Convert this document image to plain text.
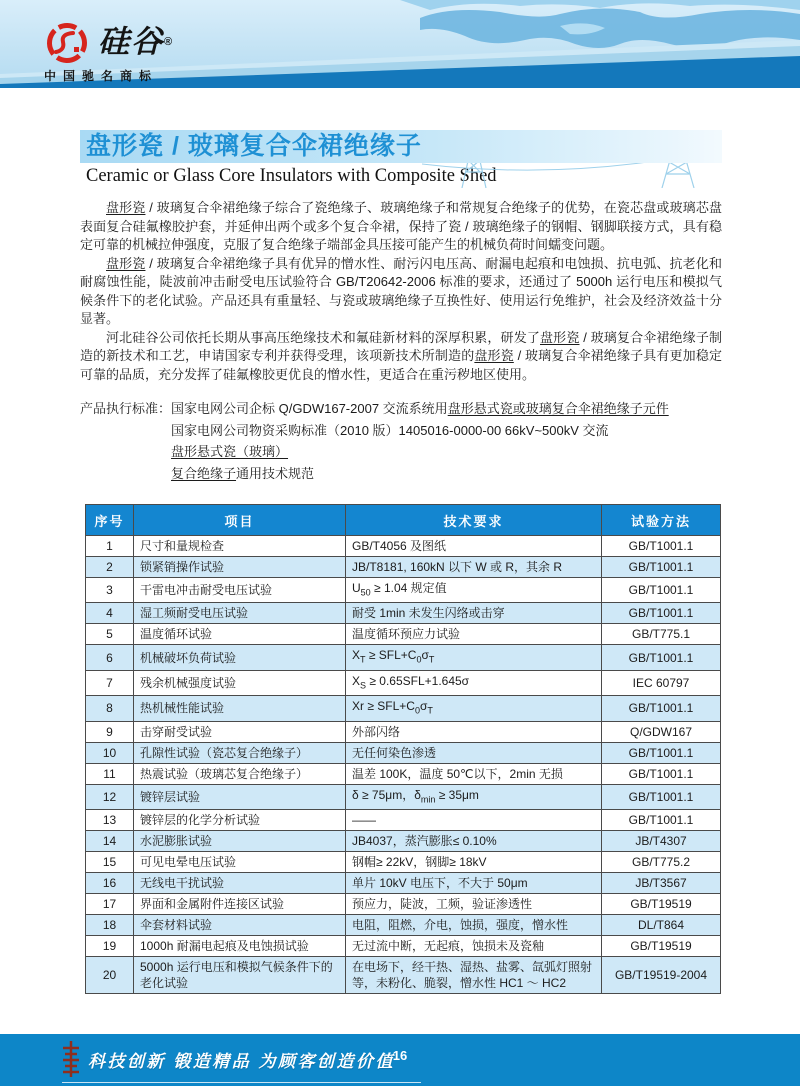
硅谷®
中国驰名商标
盘形瓷 / 玻璃复合伞裙绝缘子
Ceramic or Glass Core Insulators with Composite Shed

盘形瓷 / 玻璃复合伞裙绝缘子综合了瓷绝缘子、玻璃绝缘子和常规复合绝缘子的优势，在瓷芯盘或玻璃芯盘表面复合硅氟橡胶护套，并延伸出两个或多个复合伞裙，保持了瓷 / 玻璃绝缘子的钢帽、钢脚联接方式，具有稳定可靠的机械拉伸强度，克服了复合绝缘子端部金具压接可能产生的机械负荷时间蠕变问题。

盘形瓷 / 玻璃复合伞裙绝缘子具有优异的憎水性、耐污闪电压高、耐漏电起痕和电蚀损、抗电弧、抗老化和耐腐蚀性能，陡波前冲击耐受电压试验符合 GB/T20642-2006 标准的要求，还通过了 5000h 运行电压和模拟气候条件下的老化试验。产品还具有重量轻、与瓷或玻璃绝缘子互换性好、使用运行免维护，社会及经济效益十分显著。

河北硅谷公司依托长期从事高压绝缘技术和氟硅新材料的深厚积累，研发了盘形瓷 / 玻璃复合伞裙绝缘子制造的新技术和工艺，申请国家专利并获得受理，该项新技术所制造的盘形瓷 / 玻璃复合伞裙绝缘子具有更加稳定可靠的品质，充分发挥了硅氟橡胶更优良的憎水性，更适合在重污秽地区使用。

产品执行标准： 国家电网公司企标 Q/GDW167-2007 交流系统用盘形悬式瓷或玻璃复合伞裙绝缘子元件
国家电网公司物资采购标准（2010 版）1405016-0000-00 66kV~500kV 交流盘形悬式瓷（玻璃）
复合绝缘子通用技术规范
序号	项目	技术要求	试验方法
1	尺寸和量规检查	GB/T4056 及图纸	GB/T1001.1
2	锁紧销操作试验	JB/T8181, 160kN 以下 W 或 R，其余 R	GB/T1001.1
3	干雷电冲击耐受电压试验	$U_{50} \ge 1.04$ 规定值	GB/T1001.1
4	湿工频耐受电压试验	耐受 1min 未发生闪络或击穿	GB/T1001.1
5	温度循环试验	温度循环预应力试验	GB/T775.1
6	机械破坏负荷试验	$X_T \ge SFL+C_0\sigma_T$	GB/T1001.1
7	残余机械强度试验	$X_S \ge 0.65SFL+1.645\sigma$	IEC 60797
8	热机械性能试验	$Xr \ge SFL+C_0\sigma_T$	GB/T1001.1
9	击穿耐受试验	外部闪络	Q/GDW167
10	孔隙性试验（瓷芯复合绝缘子）	无任何染色渗透	GB/T1001.1
11	热震试验（玻璃芯复合绝缘子）	温差 100K，温度 50℃以下，2min 无损	GB/T1001.1
12	镀锌层试验	δ ≥ 75μm，$\delta_{min} \ge 35\mu m$	GB/T1001.1
13	镀锌层的化学分析试验	——	GB/T1001.1
14	水泥膨胀试验	JB4037，蒸汽膨胀≤ 0.10%	JB/T4307
15	可见电晕电压试验	钢帽≥ 22kV，钢脚≥ 18kV	GB/T775.2
16	无线电干扰试验	单片 10kV 电压下，不大于 50μm	JB/T3567
17	界面和金属附件连接区试验	预应力，陡波，工频，验证渗透性	GB/T19519
18	伞套材料试验	电阻，阻燃，介电，蚀损，强度，憎水性	DL/T864
19	1000h 耐漏电起痕及电蚀损试验	无过流中断，无起痕，蚀损未及瓷釉	GB/T19519
20	5000h 运行电压和模拟气候条件下的老化试验	在电场下，经干热、湿热、盐雾、氙弧灯照射等，未粉化、脆裂，憎水性 HC1 ～ HC2	GB/T19519-2004
科技创新 锻造精品 为顾客创造价值
16
